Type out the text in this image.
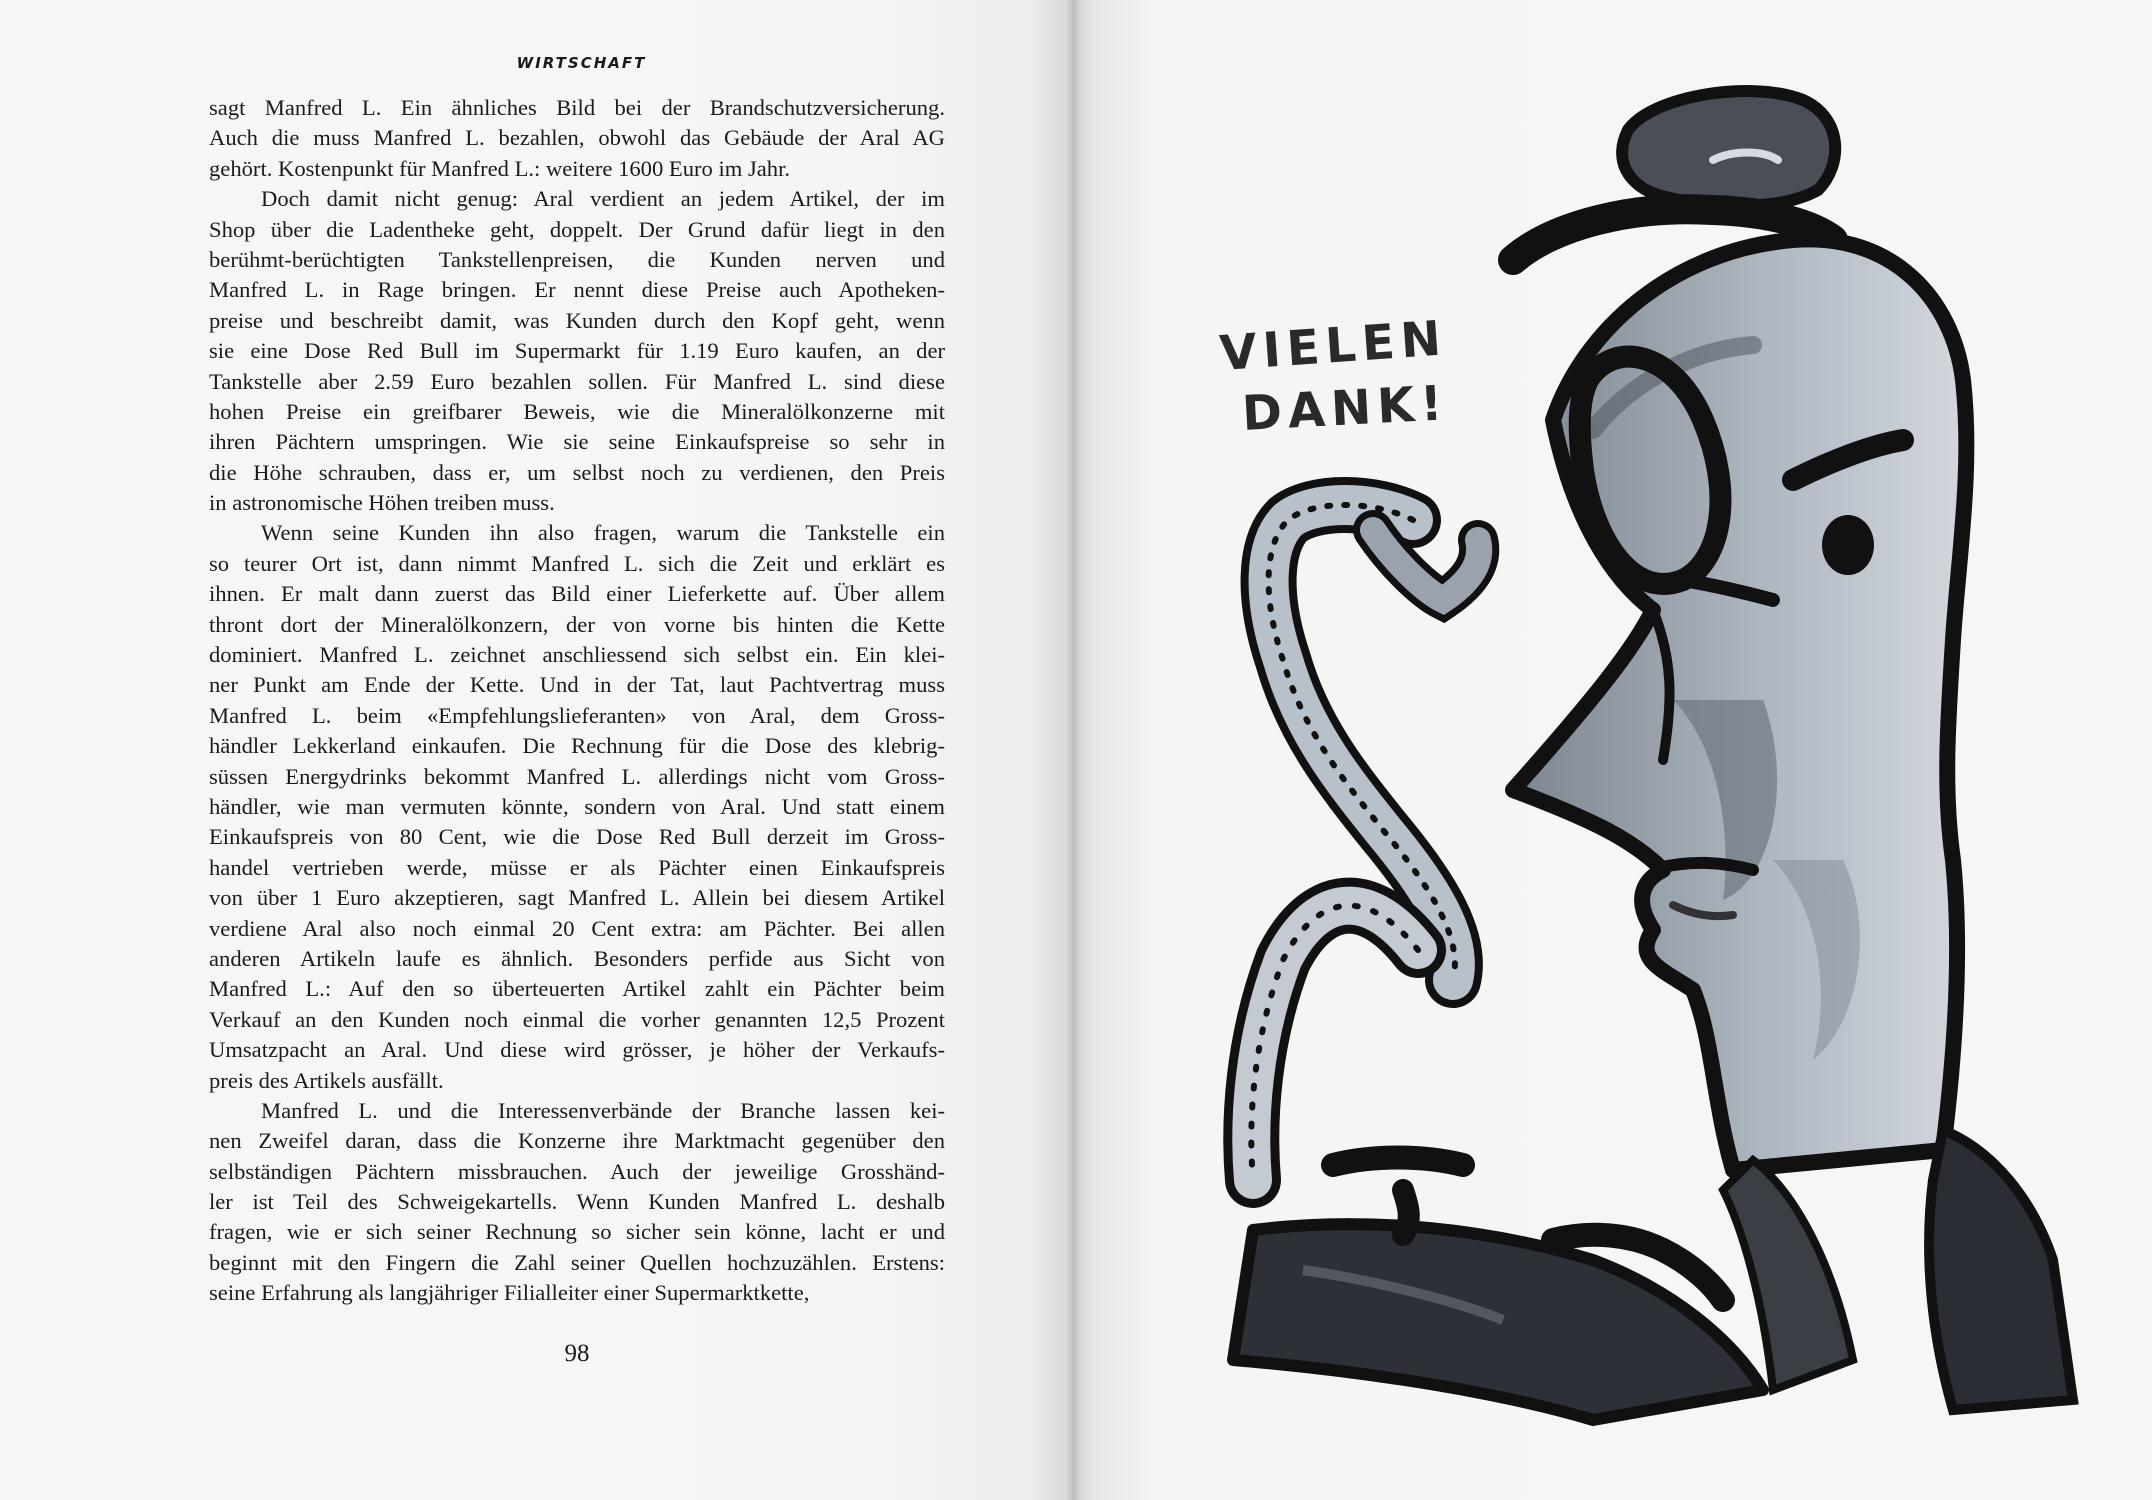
WIRTSCHAFT
sagt Manfred L. Ein ähnliches Bild bei der Brandschutzversicherung.
Auch die muss Manfred L. bezahlen, obwohl das Gebäude der Aral AG
gehört. Kostenpunkt für Manfred L.: weitere 1600 Euro im Jahr.
Doch damit nicht genug: Aral verdient an jedem Artikel, der im
Shop über die Ladentheke geht, doppelt. Der Grund dafür liegt in den
berühmt-berüchtigten Tankstellenpreisen, die Kunden nerven und
Manfred L. in Rage bringen. Er nennt diese Preise auch Apotheken-
preise und beschreibt damit, was Kunden durch den Kopf geht, wenn
sie eine Dose Red Bull im Supermarkt für 1.19 Euro kaufen, an der
Tankstelle aber 2.59 Euro bezahlen sollen. Für Manfred L. sind diese
hohen Preise ein greifbarer Beweis, wie die Mineralölkonzerne mit
ihren Pächtern umspringen. Wie sie seine Einkaufspreise so sehr in
die Höhe schrauben, dass er, um selbst noch zu verdienen, den Preis
in astronomische Höhen treiben muss.
Wenn seine Kunden ihn also fragen, warum die Tankstelle ein
so teurer Ort ist, dann nimmt Manfred L. sich die Zeit und erklärt es
ihnen. Er malt dann zuerst das Bild einer Lieferkette auf. Über allem
thront dort der Mineralölkonzern, der von vorne bis hinten die Kette
dominiert. Manfred L. zeichnet anschliessend sich selbst ein. Ein klei-
ner Punkt am Ende der Kette. Und in der Tat, laut Pachtvertrag muss
Manfred L. beim «Empfehlungslieferanten» von Aral, dem Gross-
händler Lekkerland einkaufen. Die Rechnung für die Dose des klebrig-
süssen Energydrinks bekommt Manfred L. allerdings nicht vom Gross-
händler, wie man vermuten könnte, sondern von Aral. Und statt einem
Einkaufspreis von 80 Cent, wie die Dose Red Bull derzeit im Gross-
handel vertrieben werde, müsse er als Pächter einen Einkaufspreis
von über 1 Euro akzeptieren, sagt Manfred L. Allein bei diesem Artikel
verdiene Aral also noch einmal 20 Cent extra: am Pächter. Bei allen
anderen Artikeln laufe es ähnlich. Besonders perfide aus Sicht von
Manfred L.: Auf den so überteuerten Artikel zahlt ein Pächter beim
Verkauf an den Kunden noch einmal die vorher genannten 12,5 Prozent
Umsatzpacht an Aral. Und diese wird grösser, je höher der Verkaufs-
preis des Artikels ausfällt.
Manfred L. und die Interessenverbände der Branche lassen kei-
nen Zweifel daran, dass die Konzerne ihre Marktmacht gegenüber den
selbständigen Pächtern missbrauchen. Auch der jeweilige Grosshänd-
ler ist Teil des Schweigekartells. Wenn Kunden Manfred L. deshalb
fragen, wie er sich seiner Rechnung so sicher sein könne, lacht er und
beginnt mit den Fingern die Zahl seiner Quellen hochzuzählen. Erstens:
seine Erfahrung als langjähriger Filialleiter einer Supermarktkette,
98
VIELEN
DANK!
